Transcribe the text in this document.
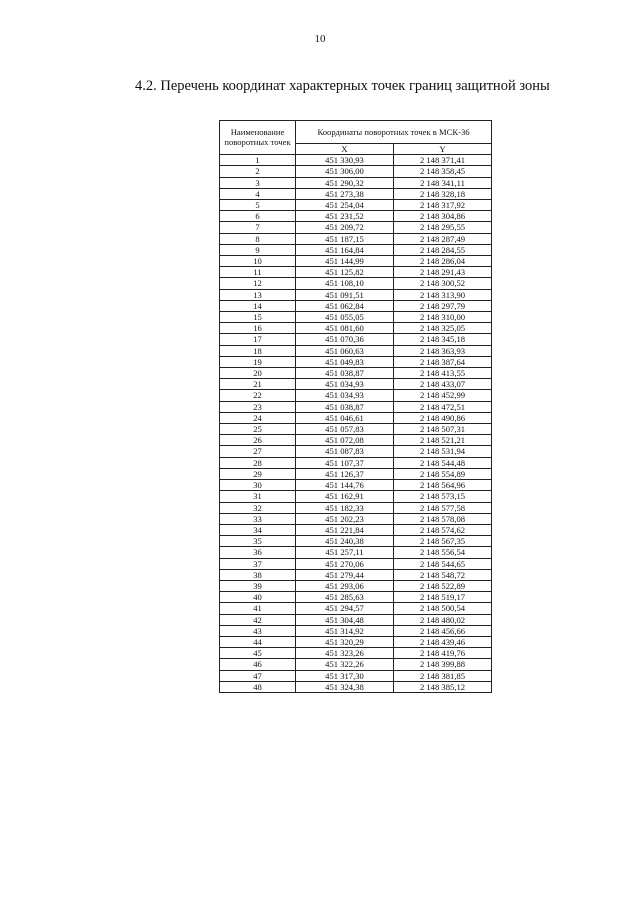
10
4.2. Перечень координат характерных точек границ защитной зоны
Наименование поворотных точек	Координаты поворотных точек в МСК-36	
	X	Y
1	451 330,93	2 148 371,41
2	451 306,00	2 148 358,45
3	451 290,32	2 148 341,11
4	451 273,38	2 148 328,18
5	451 254,04	2 148 317,92
6	451 231,52	2 148 304,86
7	451 209,72	2 148 295,55
8	451 187,15	2 148 287,49
9	451 164,84	2 148 284,55
10	451 144,99	2 148 286,04
11	451 125,82	2 148 291,43
12	451 108,10	2 148 300,52
13	451 091,51	2 148 313,90
14	451 062,84	2 148 297,79
15	451 055,05	2 148 310,00
16	451 081,60	2 148 325,05
17	451 070,36	2 148 345,18
18	451 060,63	2 148 363,93
19	451 049,83	2 148 387,64
20	451 038,87	2 148 413,55
21	451 034,93	2 148 433,07
22	451 034,93	2 148 452,99
23	451 038,87	2 148 472,51
24	451 046,61	2 148 490,86
25	451 057,83	2 148 507,31
26	451 072,08	2 148 521,21
27	451 087,83	2 148 531,94
28	451 107,37	2 148 544,48
29	451 126,37	2 148 554,89
30	451 144,76	2 148 564,96
31	451 162,91	2 148 573,15
32	451 182,33	2 148 577,58
33	451 202,23	2 148 578,08
34	451 221,84	2 148 574,62
35	451 240,38	2 148 567,35
36	451 257,11	2 148 556,54
37	451 270,06	2 148 544,65
38	451 279,44	2 148 548,72
39	451 293,06	2 148 522,89
40	451 285,63	2 148 519,17
41	451 294,57	2 148 500,54
42	451 304,48	2 148 480,02
43	451 314,92	2 148 456,66
44	451 320,29	2 148 439,46
45	451 323,26	2 148 419,76
46	451 322,26	2 148 399,88
47	451 317,30	2 148 381,85
48	451 324,38	2 148 385,12
